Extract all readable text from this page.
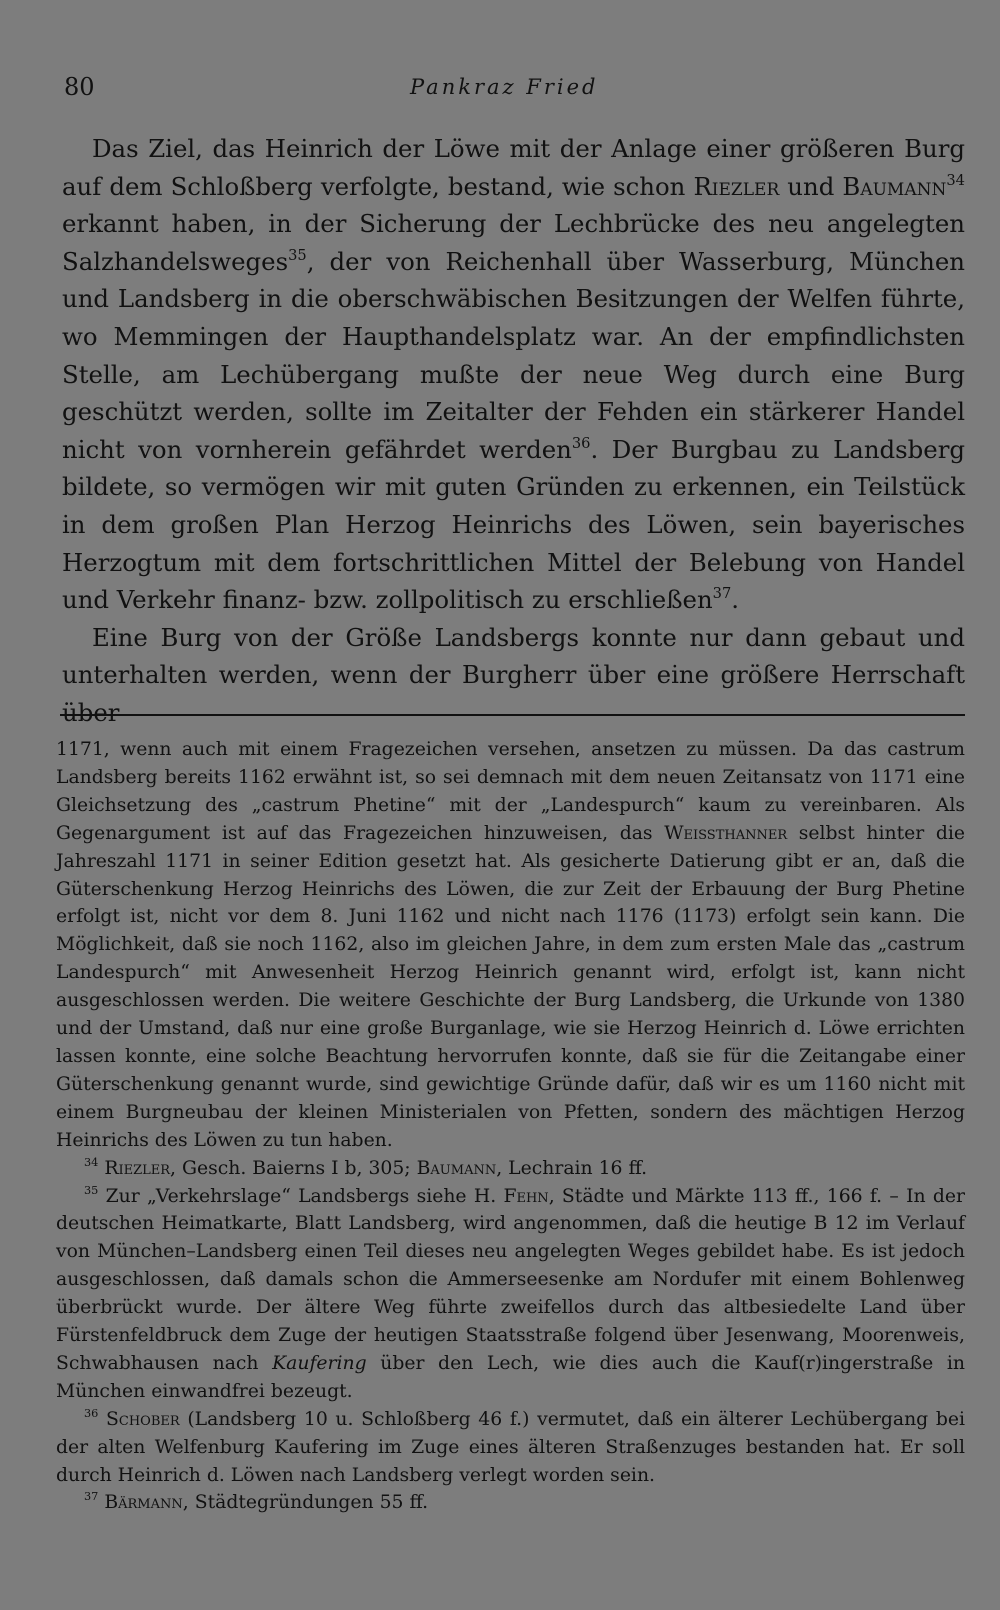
80	Pankraz Fried

Das Ziel, das Heinrich der Löwe mit der Anlage einer größeren Burg auf dem Schloßberg verfolgte, bestand, wie schon Riezler und Baumann$^{34}$ erkannt haben, in der Sicherung der Lechbrücke des neu angelegten Salzhandelsweges$^{35}$, der von Reichenhall über Wasserburg, München und Landsberg in die oberschwäbischen Besitzungen der Welfen führte, wo Memmingen der Haupthandelsplatz war. An der empfindlichsten Stelle, am Lechübergang mußte der neue Weg durch eine Burg geschützt werden, sollte im Zeitalter der Fehden ein stärkerer Handel nicht von vornherein gefährdet werden$^{36}$. Der Burgbau zu Landsberg bildete, so vermögen wir mit guten Gründen zu erkennen, ein Teilstück in dem großen Plan Herzog Heinrichs des Löwen, sein bayerisches Herzogtum mit dem fortschrittlichen Mittel der Belebung von Handel und Verkehr finanz- bzw. zollpolitisch zu erschließen$^{37}$.

Eine Burg von der Größe Landsbergs konnte nur dann gebaut und unterhalten werden, wenn der Burgherr über eine größere Herrschaft über

1171, wenn auch mit einem Fragezeichen versehen, ansetzen zu müssen. Da das castrum Landsberg bereits 1162 erwähnt ist, so sei demnach mit dem neuen Zeitansatz von 1171 eine Gleichsetzung des „castrum Phetine“ mit der „Landespurch“ kaum zu vereinbaren. Als Gegenargument ist auf das Fragezeichen hinzuweisen, das Weissthanner selbst hinter die Jahreszahl 1171 in seiner Edition gesetzt hat. Als gesicherte Datierung gibt er an, daß die Güterschenkung Herzog Heinrichs des Löwen, die zur Zeit der Erbauung der Burg Phetine erfolgt ist, nicht vor dem 8. Juni 1162 und nicht nach 1176 (1173) erfolgt sein kann. Die Möglichkeit, daß sie noch 1162, also im gleichen Jahre, in dem zum ersten Male das „castrum Landespurch“ mit Anwesenheit Herzog Heinrich genannt wird, erfolgt ist, kann nicht ausgeschlossen werden. Die weitere Geschichte der Burg Landsberg, die Urkunde von 1380 und der Umstand, daß nur eine große Burganlage, wie sie Herzog Heinrich d. Löwe errichten lassen konnte, eine solche Beachtung hervorrufen konnte, daß sie für die Zeitangabe einer Güterschenkung genannt wurde, sind gewichtige Gründe dafür, daß wir es um 1160 nicht mit einem Burgneubau der kleinen Ministerialen von Pfetten, sondern des mächtigen Herzog Heinrichs des Löwen zu tun haben.

$^{34}$ Riezler, Gesch. Baierns I b, 305; Baumann, Lechrain 16 ff.

$^{35}$ Zur „Verkehrslage“ Landsbergs siehe H. Fehn, Städte und Märkte 113 ff., 166 f. – In der deutschen Heimatkarte, Blatt Landsberg, wird angenommen, daß die heutige B 12 im Verlauf von München–Landsberg einen Teil dieses neu angelegten Weges gebildet habe. Es ist jedoch ausgeschlossen, daß damals schon die Ammerseesenke am Nordufer mit einem Bohlenweg überbrückt wurde. Der ältere Weg führte zweifellos durch das altbesiedelte Land über Fürstenfeldbruck dem Zuge der heutigen Staatsstraße folgend über Jesenwang, Moorenweis, Schwabhausen nach Kaufering über den Lech, wie dies auch die Kauf(r)ingerstraße in München einwandfrei bezeugt.

$^{36}$ Schober (Landsberg 10 u. Schloßberg 46 f.) vermutet, daß ein älterer Lechübergang bei der alten Welfenburg Kaufering im Zuge eines älteren Straßenzuges bestanden hat. Er soll durch Heinrich d. Löwen nach Landsberg verlegt worden sein.

$^{37}$ Bärmann, Städtegründungen 55 ff.
